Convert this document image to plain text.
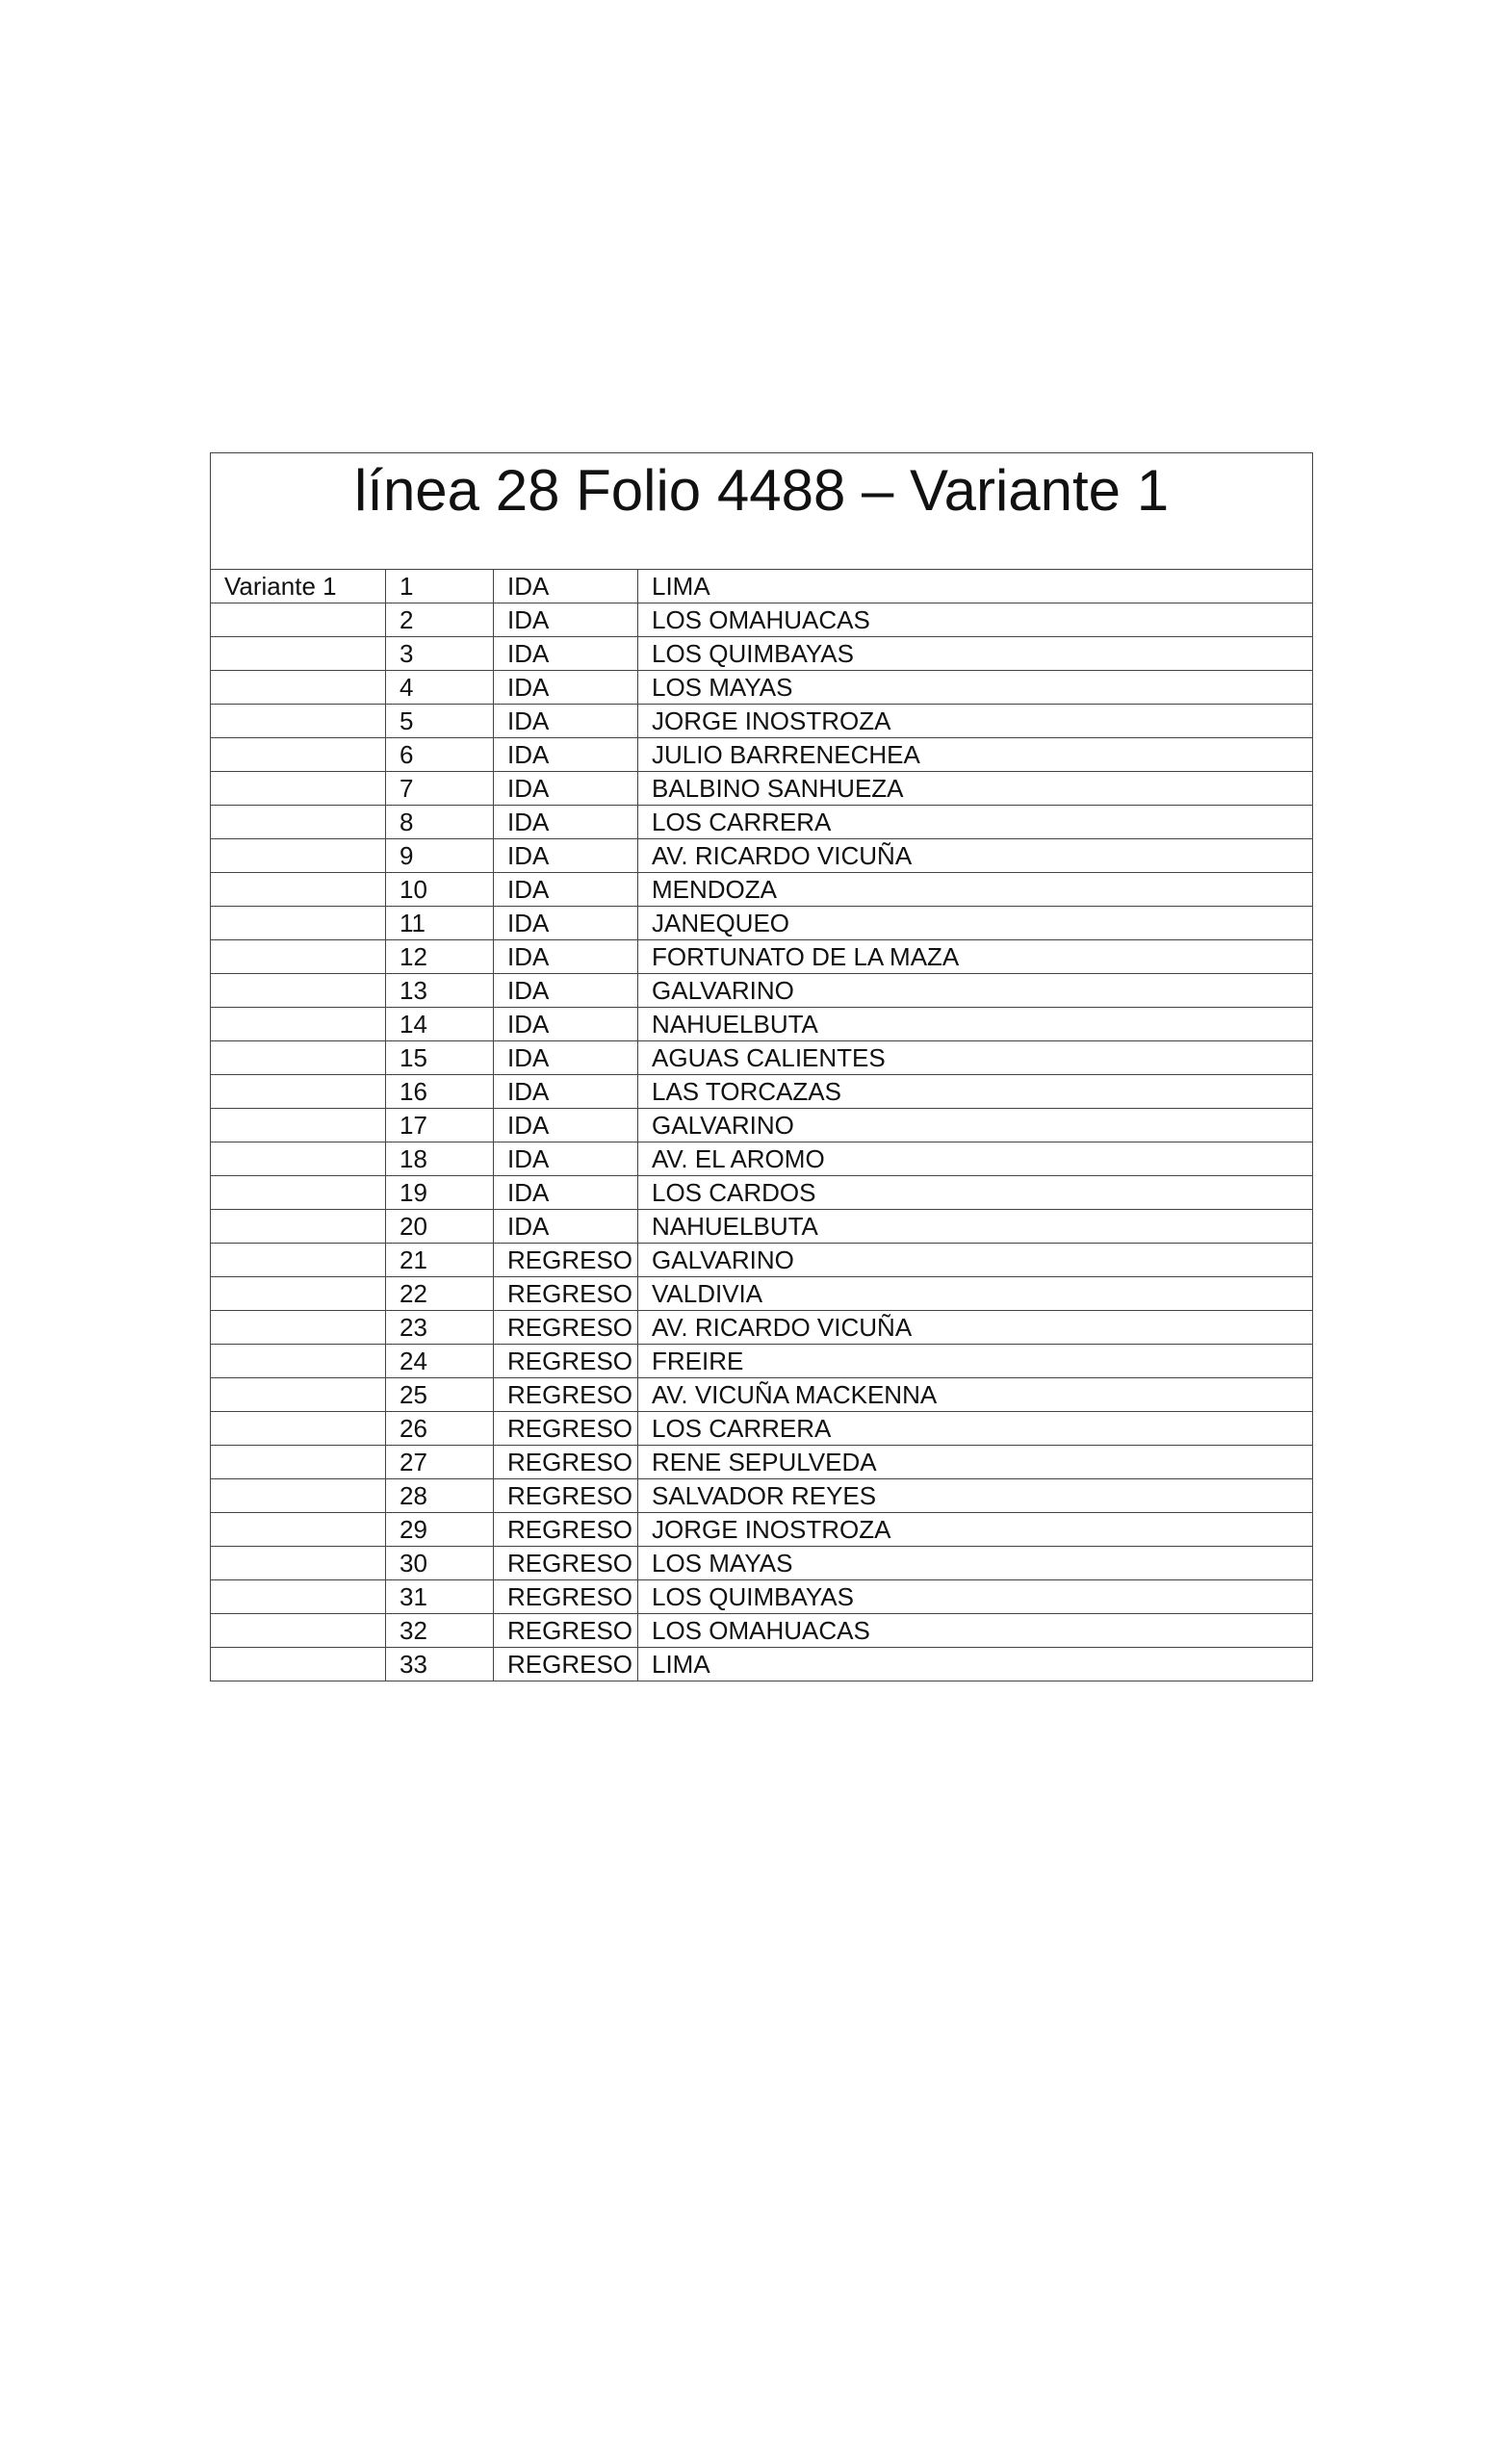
línea 28 Folio 4488 – Variante 1			
Variante 1	1	IDA	LIMA
	2	IDA	LOS OMAHUACAS
	3	IDA	LOS QUIMBAYAS
	4	IDA	LOS MAYAS
	5	IDA	JORGE INOSTROZA
	6	IDA	JULIO BARRENECHEA
	7	IDA	BALBINO SANHUEZA
	8	IDA	LOS CARRERA
	9	IDA	AV. RICARDO VICUÑA
	10	IDA	MENDOZA
	11	IDA	JANEQUEO
	12	IDA	FORTUNATO DE LA MAZA
	13	IDA	GALVARINO
	14	IDA	NAHUELBUTA
	15	IDA	AGUAS CALIENTES
	16	IDA	LAS TORCAZAS
	17	IDA	GALVARINO
	18	IDA	AV. EL AROMO
	19	IDA	LOS CARDOS
	20	IDA	NAHUELBUTA
	21	REGRESO	GALVARINO
	22	REGRESO	VALDIVIA
	23	REGRESO	AV. RICARDO VICUÑA
	24	REGRESO	FREIRE
	25	REGRESO	AV. VICUÑA MACKENNA
	26	REGRESO	LOS CARRERA
	27	REGRESO	RENE SEPULVEDA
	28	REGRESO	SALVADOR REYES
	29	REGRESO	JORGE INOSTROZA
	30	REGRESO	LOS MAYAS
	31	REGRESO	LOS QUIMBAYAS
	32	REGRESO	LOS OMAHUACAS
	33	REGRESO	LIMA
